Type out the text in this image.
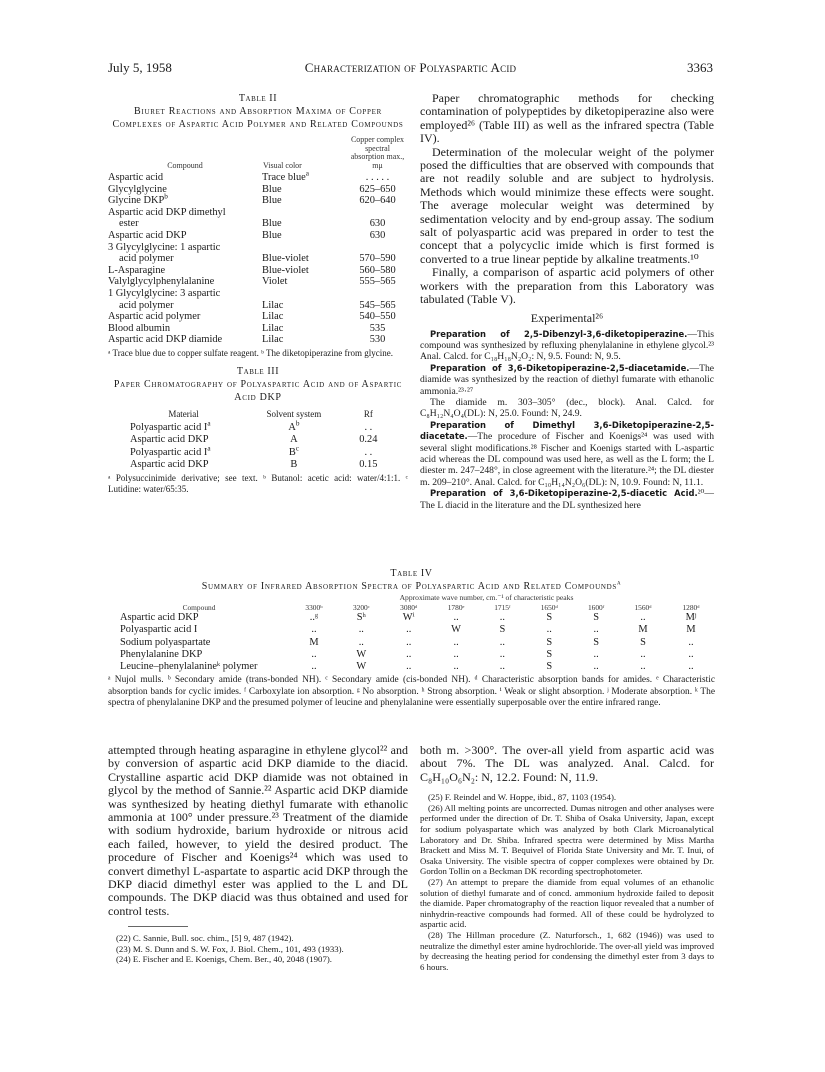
July 5, 1958	Characterization of Polyaspartic Acid	3363
Table II
Biuret Reactions and Absorption Maxima of Copper Complexes of Aspartic Acid Polymer and Related Compounds
Compound	Visual color	Copper complex spectral absorption max., mμ
Aspartic acid	Trace blue$^a$	. . . . .
Glycylglycine	Blue	625–650
Glycine DKP$^b$	Blue	620–640
Aspartic acid DKP dimethyl		
ester	Blue	630
Aspartic acid DKP	Blue	630
3 Glycylglycine: 1 aspartic		
acid polymer	Blue-violet	570–590
L-Asparagine	Blue-violet	560–580
Valylglycylphenylalanine	Violet	555–565
1 Glycylglycine: 3 aspartic		
acid polymer	Lilac	545–565
Aspartic acid polymer	Lilac	540–550
Blood albumin	Lilac	535
Aspartic acid DKP diamide	Lilac	530
ᵃ Trace blue due to copper sulfate reagent. ᵇ The diketopiperazine from glycine.
Table III
Paper Chromatography of Polyaspartic Acid and of Aspartic Acid DKP
Material	Solvent system	Rf
Polyaspartic acid $I^a$	$A^b$	. .
Aspartic acid DKP	A	0.24
Polyaspartic acid $I^a$	$B^c$	. .
Aspartic acid DKP	B	0.15
ᵃ Polysuccinimide derivative; see text. ᵇ Butanol: acetic acid: water/4:1:1. ᶜ Lutidine: water/65:35.

Paper chromatographic methods for checking contamination of polypeptides by diketopiperazine also were employed²⁶ (Table III) as well as the infrared spectra (Table IV).

Determination of the molecular weight of the polymer posed the difficulties that are observed with compounds that are not readily soluble and are subject to hydrolysis. Methods which would minimize these effects were sought. The average molecular weight was determined by sedimentation velocity and by end-group assay. The sodium salt of polyaspartic acid was prepared in order to test the concept that a polycyclic imide which is first formed is converted to a true linear peptide by alkaline treatments.¹⁰

Finally, a comparison of aspartic acid polymers of other workers with the preparation from this Laboratory was tabulated (Table V).

Experimental²⁶

Preparation of 2,5-Dibenzyl-3,6-diketopiperazine.—This compound was synthesized by refluxing phenylalanine in ethylene glycol.²³ Anal. Calcd. for C₁₈H₁₈N₂O₂: N, 9.5. Found: N, 9.5.

Preparation of 3,6-Diketopiperazine-2,5-diacetamide.—The diamide was synthesized by the reaction of diethyl fumarate with ethanolic ammonia.²³·²⁷

The diamide m. 303–305° (dec., block). Anal. Calcd. for C₈H₁₂N₄O₄(DL): N, 25.0. Found: N, 24.9.

Preparation of Dimethyl 3,6-Diketopiperazine-2,5-diacetate.—The procedure of Fischer and Koenigs²⁴ was used with several slight modifications.²⁸ Fischer and Koenigs started with L-aspartic acid whereas the DL compound was used here, as well as the L form; the L diester m. 247–248°, in close agreement with the literature.²⁴; the DL diester m. 209–210°. Anal. Calcd. for C₁₀H₁₄N₂O₆(DL): N, 10.9. Found: N, 11.1.

Preparation of 3,6-Diketopiperazine-2,5-diacetic Acid.²⁰— The L diacid in the literature and the DL synthesized here

Table IV
Summary of Infrared Absorption Spectra of Polyaspartic Acid and Related Compounds$^a$
Approximate wave number, cm.⁻¹ of characteristic peaks
Compound	3300ᵇ	3200ᶜ	3080ᵈ	1780ᵉ	1715ᶠ	1650ᵈ	1600ᶠ	1560ᵈ	1280ᵈ
Aspartic acid DKP	..ᵍ	Sʰ	Wⁱ	..	..	S	S	..	Mʲ
Polyaspartic acid I	..	..	..	W	S	..	..	M	M
Sodium polyaspartate	M	..	..	..	..	S	S	S	..
Phenylalanine DKP	..	W	..	..	..	S	..	..	..
Leucine–phenylalanineᵏ polymer	..	W	..	..	..	S	..	..	..
ᵃ Nujol mulls. ᵇ Secondary amide (trans-bonded NH). ᶜ Secondary amide (cis-bonded NH). ᵈ Characteristic absorption bands for amides. ᵉ Characteristic absorption bands for cyclic imides. ᶠ Carboxylate ion absorption. ᵍ No absorption. ʰ Strong absorption. ⁱ Weak or slight absorption. ʲ Moderate absorption. ᵏ The spectra of phenylalanine DKP and the presumed polymer of leucine and phenylalanine were essentially superposable over the entire infrared range.

attempted through heating asparagine in ethylene glycol²² and by conversion of aspartic acid DKP diamide to the diacid. Crystalline aspartic acid DKP diamide was not obtained in glycol by the method of Sannie.²² Aspartic acid DKP diamide was synthesized by heating diethyl fumarate with ethanolic ammonia at 100° under pressure.²³ Treatment of the diamide with sodium hydroxide, barium hydroxide or nitrous acid each failed, however, to yield the desired product. The procedure of Fischer and Koenigs²⁴ which was used to convert dimethyl L-aspartate to aspartic acid DKP through the DKP diacid dimethyl ester was applied to the L and DL compounds. The DKP diacid was thus obtained and used for control tests.

(22) C. Sannie, Bull. soc. chim., [5] 9, 487 (1942).

(23) M. S. Dunn and S. W. Fox, J. Biol. Chem., 101, 493 (1933).

(24) E. Fischer and E. Koenigs, Chem. Ber., 40, 2048 (1907).

both m. >300°. The over-all yield from aspartic acid was about 7%. The DL was analyzed. Anal. Calcd. for C₈H₁₀O₆N₂: N, 12.2. Found: N, 11.9.

(25) F. Reindel and W. Hoppe, ibid., 87, 1103 (1954).

(26) All melting points are uncorrected. Dumas nitrogen and other analyses were performed under the direction of Dr. T. Shiba of Osaka University, Japan, except for sodium polyaspartate which was analyzed by both Clark Microanalytical Laboratory and Dr. Shiba. Infrared spectra were determined by Miss Martha Brackett and Miss M. T. Bequivel of Florida State University and Mr. T. Inui, of Osaka University. The visible spectra of copper complexes were obtained by Dr. Gordon Tollin on a Beckman DK recording spectrophotometer.

(27) An attempt to prepare the diamide from equal volumes of an ethanolic solution of diethyl fumarate and of concd. ammonium hydroxide failed to deposit the diamide. Paper chromatography of the reaction liquor revealed that a number of ninhydrin-reactive compounds had formed. All of these could be hydrolyzed to aspartic acid.

(28) The Hillman procedure (Z. Naturforsch., 1, 682 (1946)) was used to neutralize the dimethyl ester amine hydrochloride. The over-all yield was improved by decreasing the heating period for condensing the dimethyl ester from 3 days to 6 hours.
